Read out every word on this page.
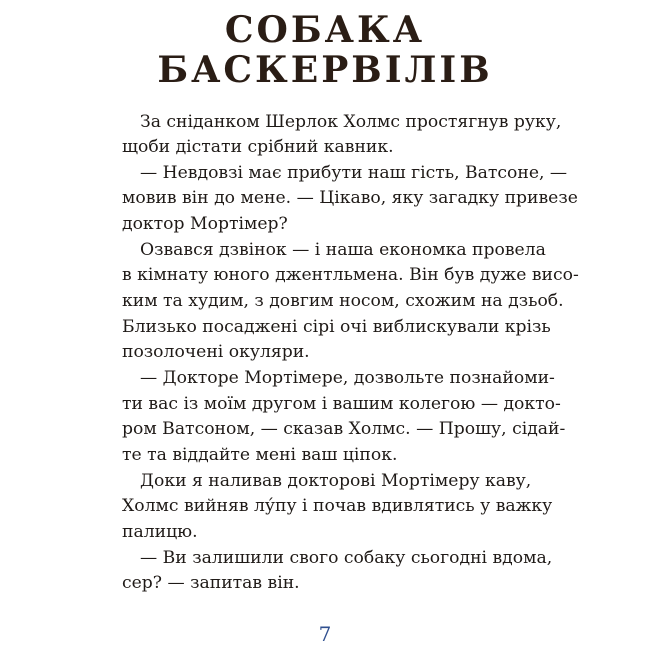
СОБАКА
БАСКЕРВІЛІВ
За сніданком Шерлок Холмс простягнув руку,
щоби дістати срібний кавник.
— Невдовзі має прибути наш гість, Ватсоне, —
мовив він до мене. — Цікаво, яку загадку привезе
доктор Мортімер?
Озвався дзвінок — і наша економка провела
в кімнату юного джентльмена. Він був дуже висо-
ким та худим, з довгим носом, схожим на дзьоб.
Близько посаджені сірі очі виблискували крізь
позолочені окуляри.
— Докторе Мортімере, дозвольте познайоми-
ти вас із моїм другом і вашим колегою — докто-
ром Ватсоном, — сказав Холмс. — Прошу, сідай-
те та віддайте мені ваш ціпок.
Доки я наливав докторові Мортімеру каву,
Холмс вийняв лу́пу і почав вдивлятись у важку
палицю.
— Ви залишили свого собаку сьогодні вдома,
сер? — запитав він.
7
